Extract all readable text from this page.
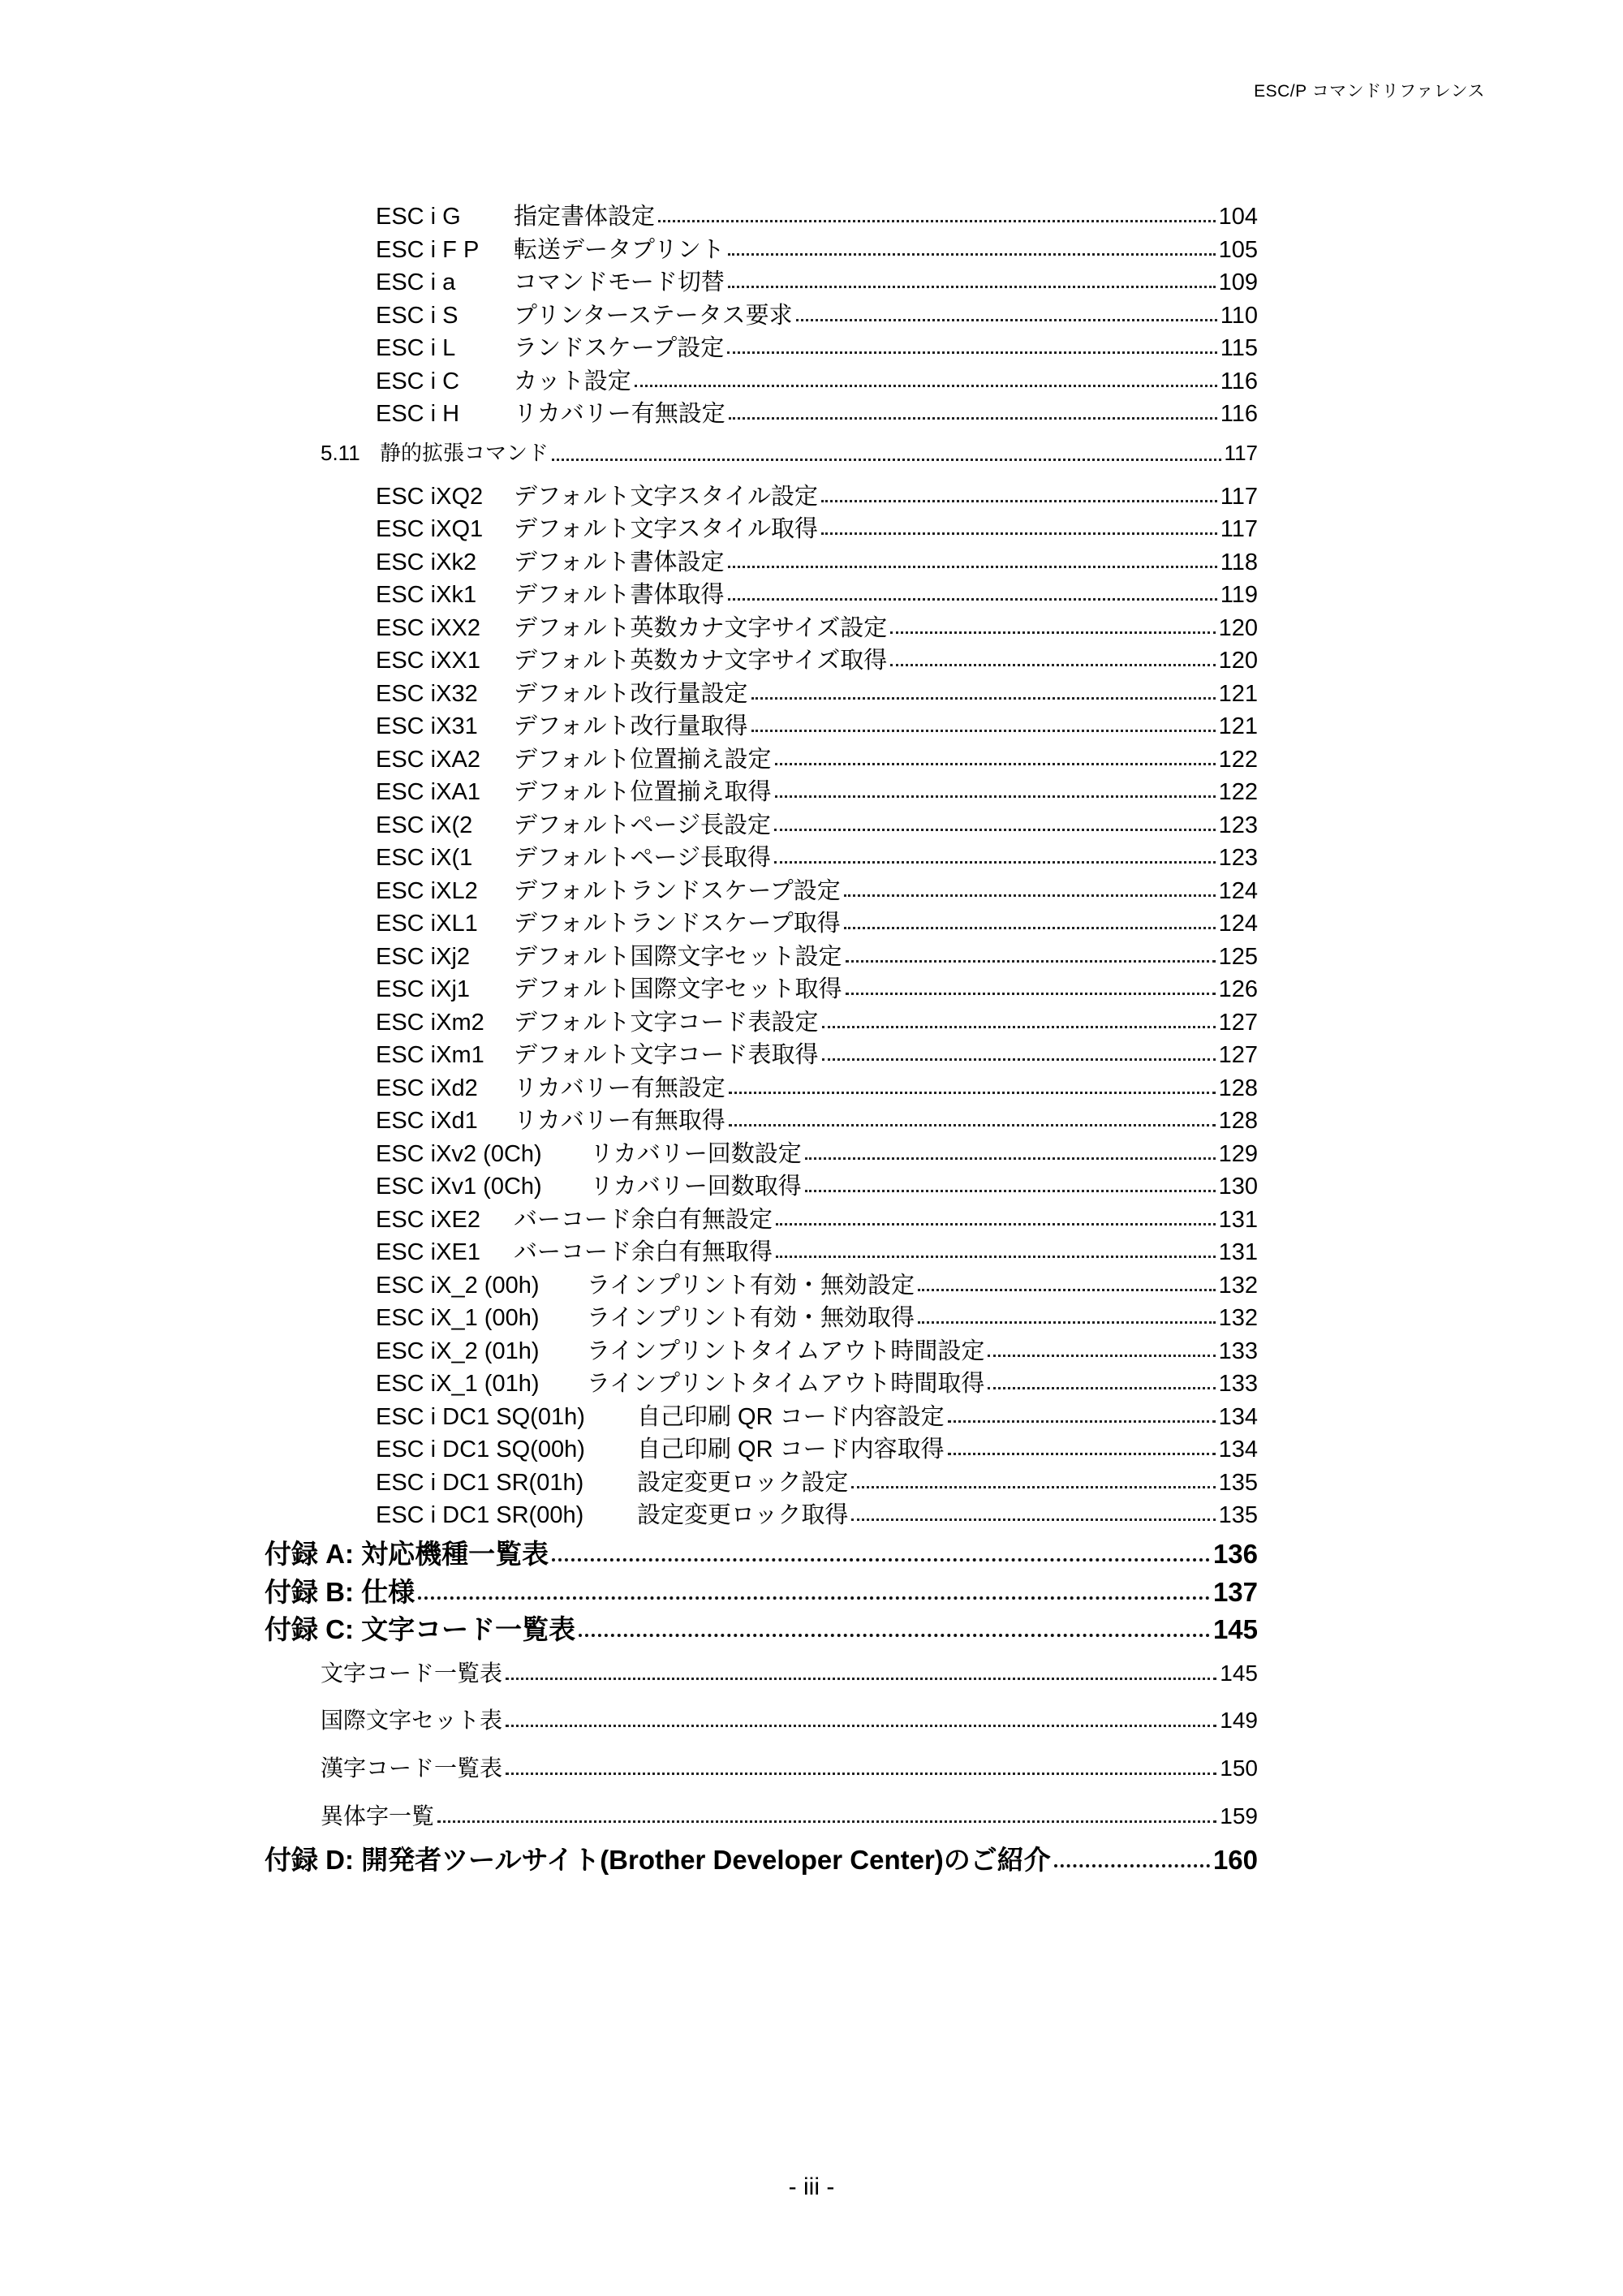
ESC/P コマンドリファレンス
ESC i G	指定書体設定	104
ESC i F P	転送データプリント	105
ESC i a	コマンドモード切替	109
ESC i S	プリンターステータス要求	110
ESC i L	ランドスケープ設定	115
ESC i C	カット設定	116
ESC i H	リカバリー有無設定	116
5.11 静的拡張コマンド	117
ESC iXQ2	デフォルト文字スタイル設定	117
ESC iXQ1	デフォルト文字スタイル取得	117
ESC iXk2	デフォルト書体設定	118
ESC iXk1	デフォルト書体取得	119
ESC iXX2	デフォルト英数カナ文字サイズ設定	120
ESC iXX1	デフォルト英数カナ文字サイズ取得	120
ESC iX32	デフォルト改行量設定	121
ESC iX31	デフォルト改行量取得	121
ESC iXA2	デフォルト位置揃え設定	122
ESC iXA1	デフォルト位置揃え取得	122
ESC iX(2	デフォルトページ長設定	123
ESC iX(1	デフォルトページ長取得	123
ESC iXL2	デフォルトランドスケープ設定	124
ESC iXL1	デフォルトランドスケープ取得	124
ESC iXj2	デフォルト国際文字セット設定	125
ESC iXj1	デフォルト国際文字セット取得	126
ESC iXm2	デフォルト文字コード表設定	127
ESC iXm1	デフォルト文字コード表取得	127
ESC iXd2	リカバリー有無設定	128
ESC iXd1	リカバリー有無取得	128
ESC iXv2 (0Ch)	リカバリー回数設定	129
ESC iXv1 (0Ch)	リカバリー回数取得	130
ESC iXE2	バーコード余白有無設定	131
ESC iXE1	バーコード余白有無取得	131
ESC iX_2 (00h)	ラインプリント有効・無効設定	132
ESC iX_1 (00h)	ラインプリント有効・無効取得	132
ESC iX_2 (01h)	ラインプリントタイムアウト時間設定	133
ESC iX_1 (01h)	ラインプリントタイムアウト時間取得	133
ESC i DC1 SQ(01h)	自己印刷 QR コード内容設定	134
ESC i DC1 SQ(00h)	自己印刷 QR コード内容取得	134
ESC i DC1 SR(01h)	設定変更ロック設定	135
ESC i DC1 SR(00h)	設定変更ロック取得	135
付録 A: 対応機種一覧表	136
付録 B: 仕様	137
付録 C: 文字コード一覧表	145
文字コード一覧表	145
国際文字セット表	149
漢字コード一覧表	150
異体字一覧	159
付録 D: 開発者ツールサイト(Brother Developer Center)のご紹介	160
- iii -
